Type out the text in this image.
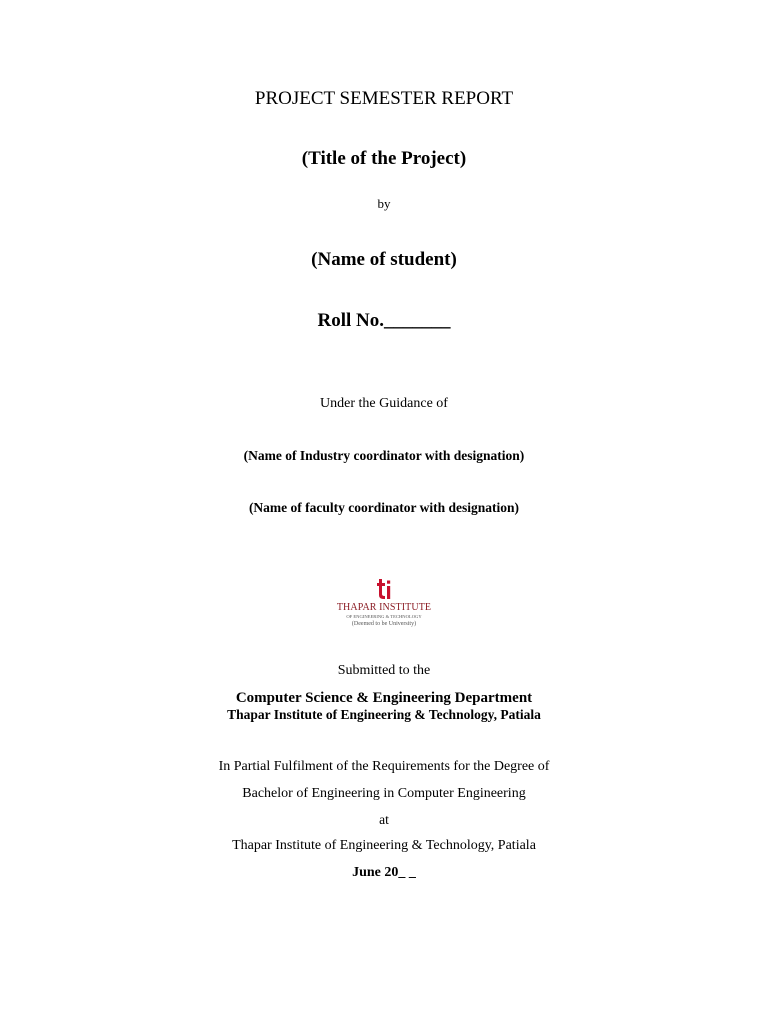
PROJECT SEMESTER REPORT
(Title of the Project)
by
(Name of student)
Roll No._______
Under the Guidance of
(Name of Industry coordinator with designation)
(Name of faculty coordinator with designation)
THAPAR INSTITUTE
OF ENGINEERING & TECHNOLOGY
(Deemed to be University)
Submitted to the
Computer Science & Engineering Department
Thapar Institute of Engineering & Technology, Patiala
In Partial Fulfilment of the Requirements for the Degree of
Bachelor of Engineering in Computer Engineering
at
Thapar Institute of Engineering & Technology, Patiala
June 20_ _
